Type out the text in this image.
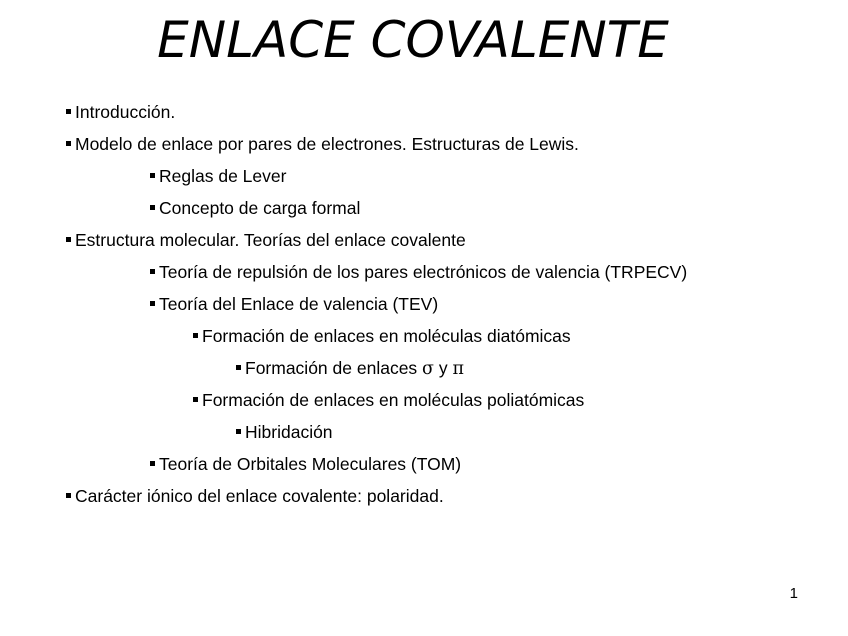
ENLACE COVALENTE
Introducción.
Modelo de enlace por pares de electrones. Estructuras de Lewis.
Reglas de Lever
Concepto de carga formal
Estructura molecular. Teorías del enlace covalente
Teoría de repulsión de los pares electrónicos de valencia (TRPECV)
Teoría del Enlace de valencia (TEV)
Formación de enlaces en moléculas diatómicas
Formación de enlaces σ y π
Formación de enlaces en moléculas poliatómicas
Hibridación
Teoría de Orbitales Moleculares (TOM)
Carácter iónico del enlace covalente: polaridad.
1
